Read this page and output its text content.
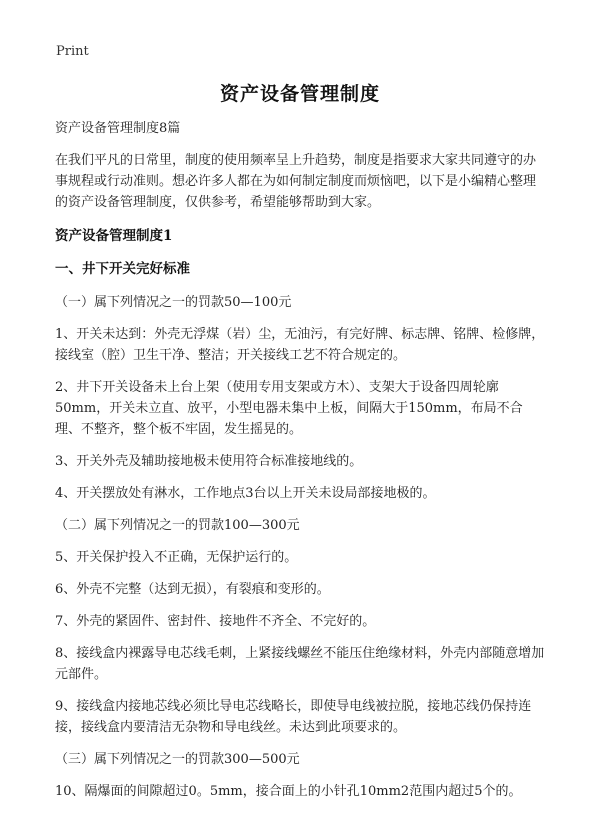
Print
资产设备管理制度

资产设备管理制度8篇

在我们平凡的日常里，制度的使用频率呈上升趋势，制度是指要求大家共同遵守的办事规程或行动准则。想必许多人都在为如何制定制度而烦恼吧，以下是小编精心整理的资产设备管理制度，仅供参考，希望能够帮助到大家。

资产设备管理制度1
一、井下开关完好标准

（一）属下列情况之一的罚款50—100元

1、开关未达到：外壳无浮煤（岩）尘，无油污，有完好牌、标志牌、铭牌、检修牌，接线室（腔）卫生干净、整洁；开关接线工艺不符合规定的。

2、井下开关设备未上台上架（使用专用支架或方木）、支架大于设备四周轮廓50mm，开关未立直、放平，小型电器未集中上板，间隔大于150mm，布局不合理、不整齐，整个板不牢固，发生摇晃的。

3、开关外壳及辅助接地极未使用符合标准接地线的。

4、开关摆放处有淋水，工作地点3台以上开关未设局部接地极的。

（二）属下列情况之一的罚款100—300元

5、开关保护投入不正确，无保护运行的。

6、外壳不完整（达到无损），有裂痕和变形的。

7、外壳的紧固件、密封件、接地件不齐全、不完好的。

8、接线盒内裸露导电芯线毛刺，上紧接线螺丝不能压住绝缘材料，外壳内部随意增加元部件。

9、接线盒内接地芯线必须比导电芯线略长，即使导电线被拉脱，接地芯线仍保持连接，接线盒内要清洁无杂物和导电线丝。未达到此项要求的。

（三）属下列情况之一的罚款300—500元

10、隔爆面的间隙超过0。5mm，接合面上的小针孔10mm2范围内超过5个的。
